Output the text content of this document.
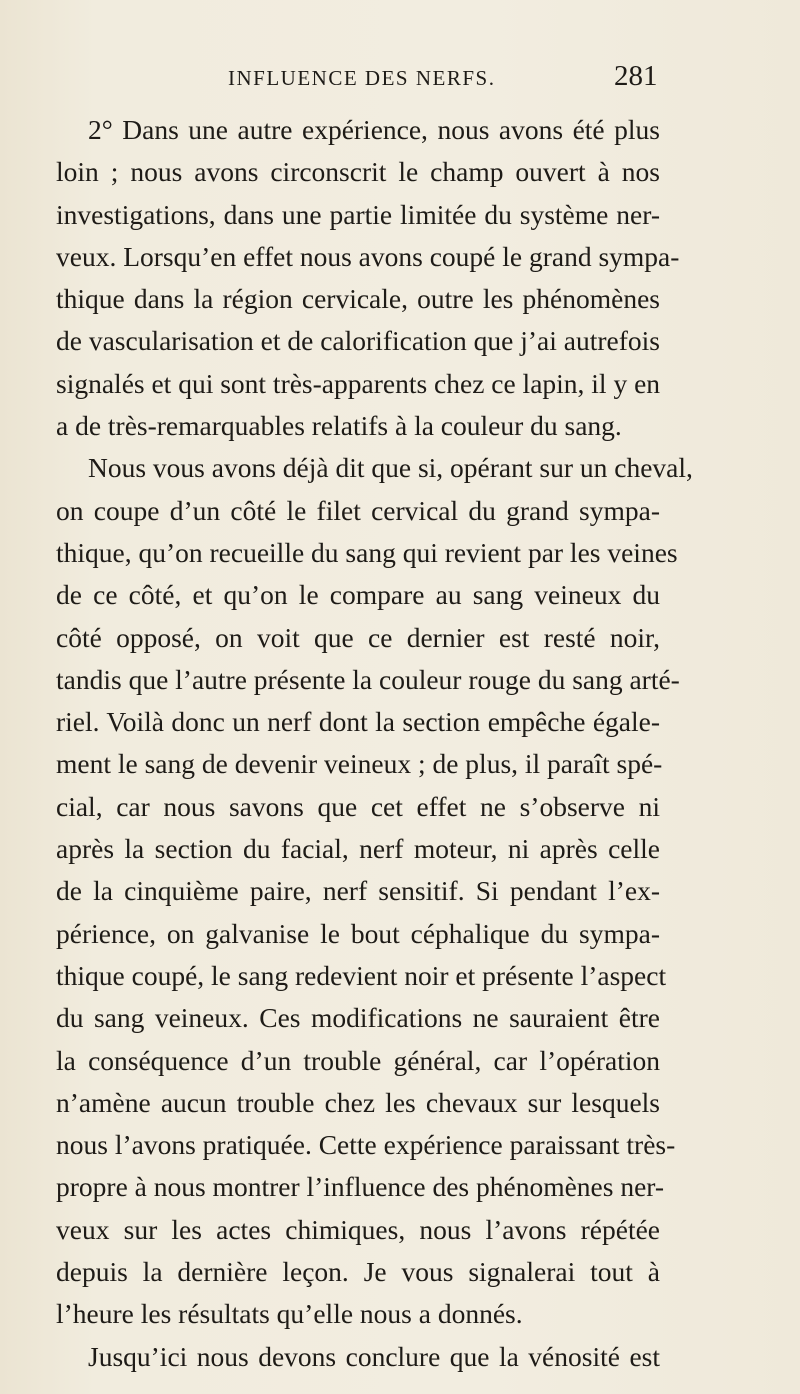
INFLUENCE DES NERFS.	281
2° Dans une autre expérience, nous avons été plus
loin ; nous avons circonscrit le champ ouvert à nos
investigations, dans une partie limitée du système ner-
veux. Lorsqu’en effet nous avons coupé le grand sympa-
thique dans la région cervicale, outre les phénomènes
de vascularisation et de calorification que j’ai autrefois
signalés et qui sont très-apparents chez ce lapin, il y en
a de très-remarquables relatifs à la couleur du sang.
Nous vous avons déjà dit que si, opérant sur un cheval,
on coupe d’un côté le filet cervical du grand sympa-
thique, qu’on recueille du sang qui revient par les veines
de ce côté, et qu’on le compare au sang veineux du
côté opposé, on voit que ce dernier est resté noir,
tandis que l’autre présente la couleur rouge du sang arté-
riel. Voilà donc un nerf dont la section empêche égale-
ment le sang de devenir veineux ; de plus, il paraît spé-
cial, car nous savons que cet effet ne s’observe ni
après la section du facial, nerf moteur, ni après celle
de la cinquième paire, nerf sensitif. Si pendant l’ex-
périence, on galvanise le bout céphalique du sympa-
thique coupé, le sang redevient noir et présente l’aspect
du sang veineux. Ces modifications ne sauraient être
la conséquence d’un trouble général, car l’opération
n’amène aucun trouble chez les chevaux sur lesquels
nous l’avons pratiquée. Cette expérience paraissant très-
propre à nous montrer l’influence des phénomènes ner-
veux sur les actes chimiques, nous l’avons répétée
depuis la dernière leçon. Je vous signalerai tout à
l’heure les résultats qu’elle nous a donnés.
Jusqu’ici nous devons conclure que la vénosité est
